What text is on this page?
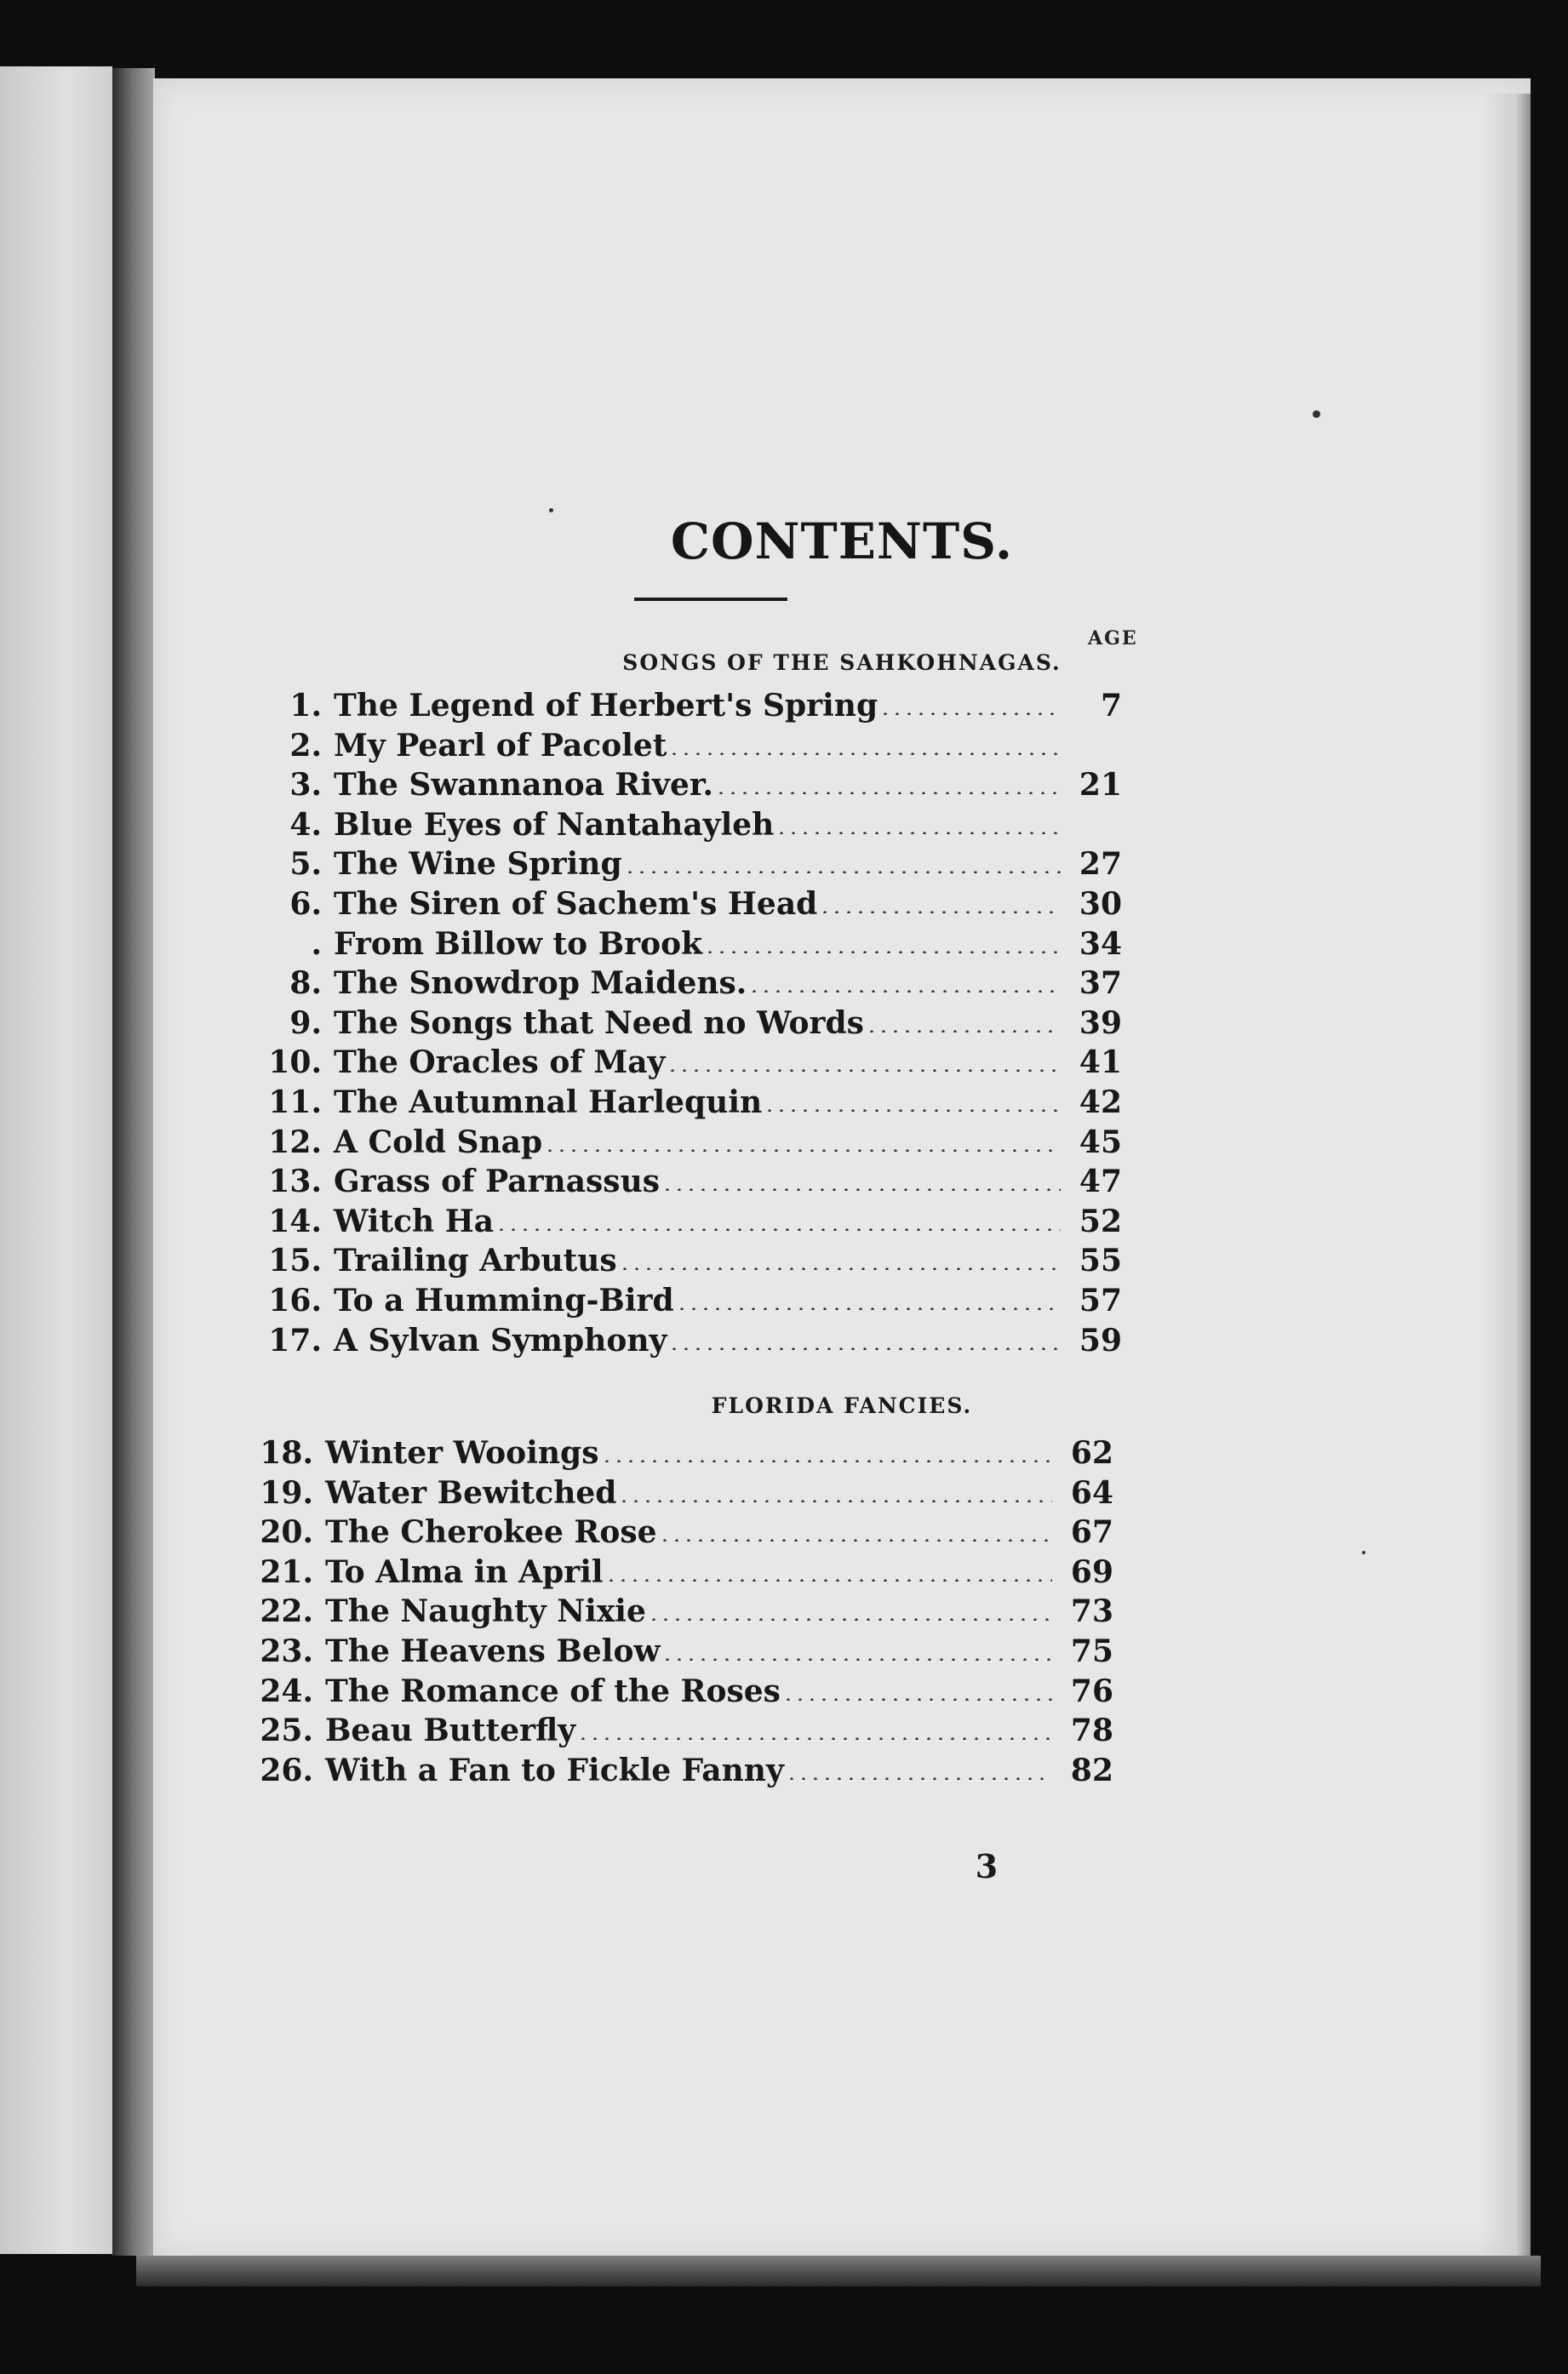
CONTENTS.
AGE
SONGS OF THE SAHKOHNAGAS.
FLORIDA FANCIES.
1. The Legend of Herbert's Spring	7
2. My Pearl of Pacolet
3. The Swannanoa River.	21
4. Blue Eyes of Nantahayleh
5. The Wine Spring	27
6. The Siren of Sachem's Head	30
. From Billow to Brook	34
8. The Snowdrop Maidens.	37
9. The Songs that Need no Words	39
10. The Oracles of May	41
11. The Autumnal Harlequin	42
12. A Cold Snap	45
13. Grass of Parnassus	47
14. Witch Ha	52
15. Trailing Arbutus	55
16. To a Humming-Bird	57
17. A Sylvan Symphony	59
18. Winter Wooings	62
19. Water Bewitched	64
20. The Cherokee Rose	67
21. To Alma in April	69
22. The Naughty Nixie	73
23. The Heavens Below	75
24. The Romance of the Roses	76
25. Beau Butterfly	78
26. With a Fan to Fickle Fanny	82
3
